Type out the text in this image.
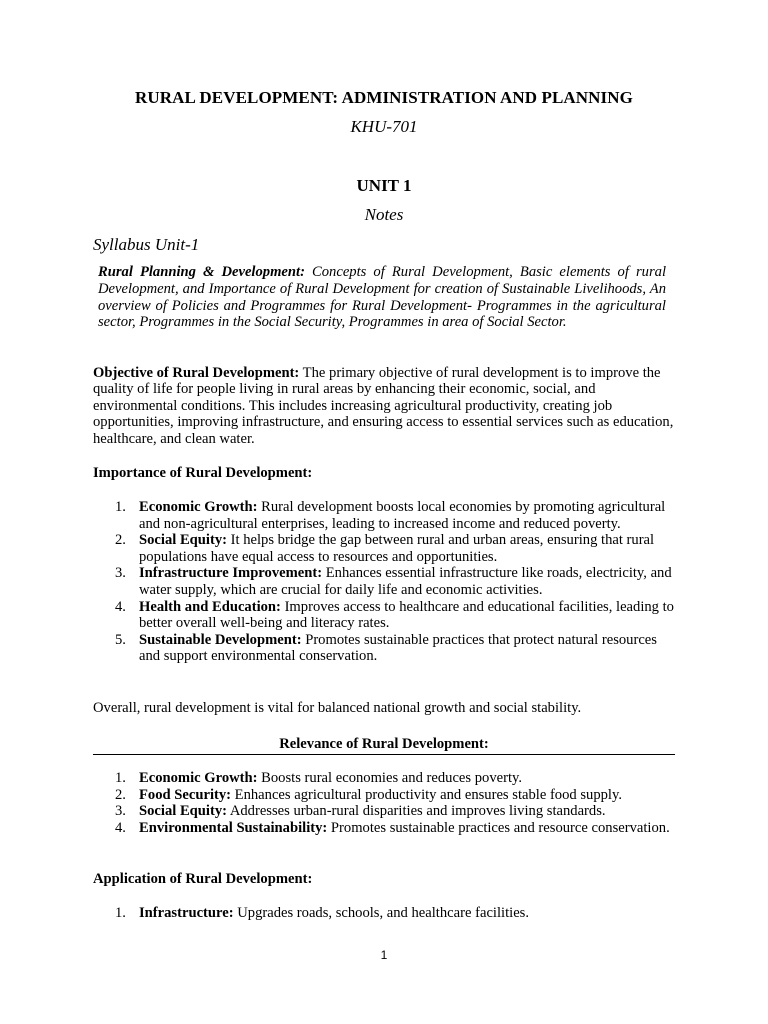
RURAL DEVELOPMENT: ADMINISTRATION AND PLANNING
KHU-701
UNIT 1
Notes
Syllabus Unit-1
Rural Planning & Development: Concepts of Rural Development, Basic elements of rural Development, and Importance of Rural Development for creation of Sustainable Livelihoods, An overview of Policies and Programmes for Rural Development- Programmes in the agricultural sector, Programmes in the Social Security, Programmes in area of Social Sector.
Objective of Rural Development: The primary objective of rural development is to improve the quality of life for people living in rural areas by enhancing their economic, social, and environmental conditions. This includes increasing agricultural productivity, creating job opportunities, improving infrastructure, and ensuring access to essential services such as education, healthcare, and clean water.
Importance of Rural Development:
1. Economic Growth: Rural development boosts local economies by promoting agricultural and non-agricultural enterprises, leading to increased income and reduced poverty.
2. Social Equity: It helps bridge the gap between rural and urban areas, ensuring that rural populations have equal access to resources and opportunities.
3. Infrastructure Improvement: Enhances essential infrastructure like roads, electricity, and water supply, which are crucial for daily life and economic activities.
4. Health and Education: Improves access to healthcare and educational facilities, leading to better overall well-being and literacy rates.
5. Sustainable Development: Promotes sustainable practices that protect natural resources and support environmental conservation.
Overall, rural development is vital for balanced national growth and social stability.
Relevance of Rural Development:
1. Economic Growth: Boosts rural economies and reduces poverty.
2. Food Security: Enhances agricultural productivity and ensures stable food supply.
3. Social Equity: Addresses urban-rural disparities and improves living standards.
4. Environmental Sustainability: Promotes sustainable practices and resource conservation.
Application of Rural Development:
1. Infrastructure: Upgrades roads, schools, and healthcare facilities.
1
